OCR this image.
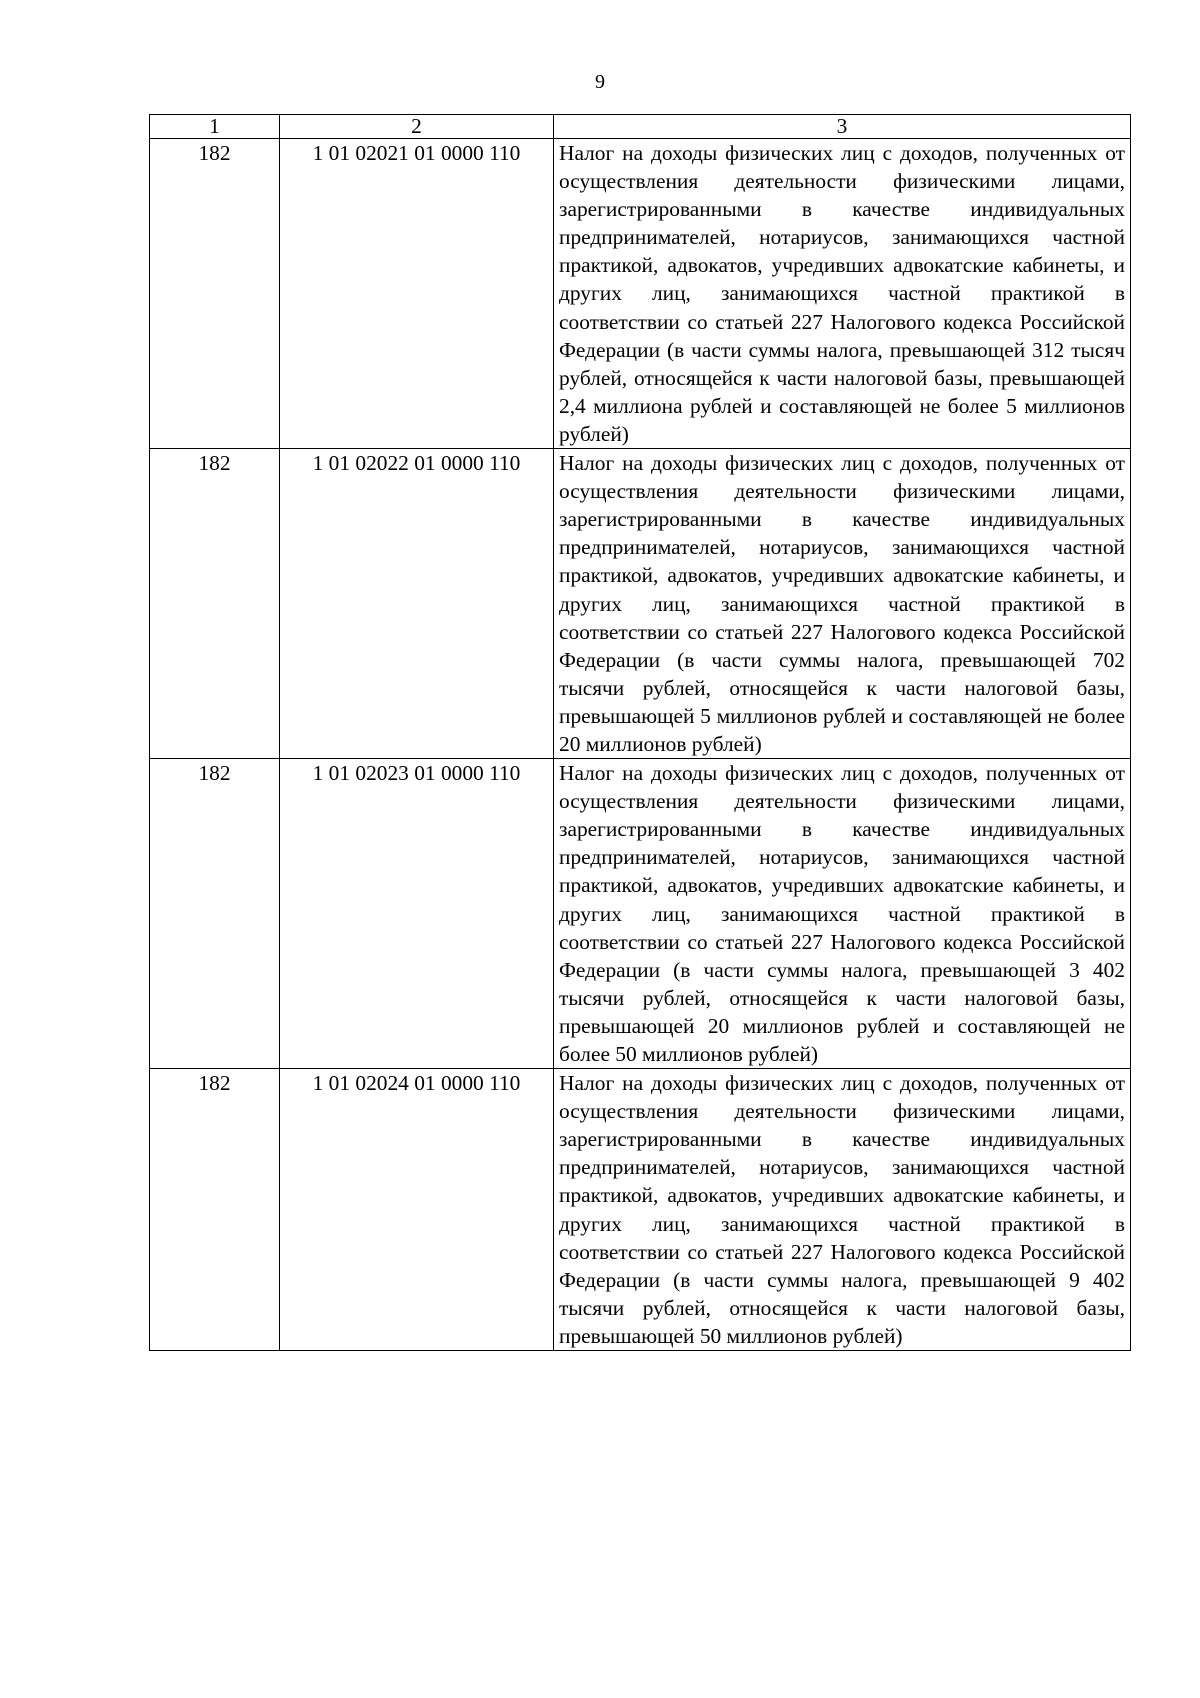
9
1	2	3
182	1 01 02021 01 0000 110	Налог на доходы физических лиц с доходов, полученных от осуществления деятельности физическими лицами, зарегистрированными в качестве индивидуальных предпринимателей, нотариусов, занимающихся частной практикой, адвокатов, учредивших адвокатские кабинеты, и других лиц, занимающихся частной практикой в соответствии со статьей 227 Налогового кодекса Российской Федерации (в части суммы налога, превышающей 312 тысяч рублей, относящейся к части налоговой базы, превышающей 2,4 миллиона рублей и составляющей не более 5 миллионов рублей)
182	1 01 02022 01 0000 110	Налог на доходы физических лиц с доходов, полученных от осуществления деятельности физическими лицами, зарегистрированными в качестве индивидуальных предпринимателей, нотариусов, занимающихся частной практикой, адвокатов, учредивших адвокатские кабинеты, и других лиц, занимающихся частной практикой в соответствии со статьей 227 Налогового кодекса Российской Федерации (в части суммы налога, превышающей 702 тысячи рублей, относящейся к части налоговой базы, превышающей 5 миллионов рублей и составляющей не более 20 миллионов рублей)
182	1 01 02023 01 0000 110	Налог на доходы физических лиц с доходов, полученных от осуществления деятельности физическими лицами, зарегистрированными в качестве индивидуальных предпринимателей, нотариусов, занимающихся частной практикой, адвокатов, учредивших адвокатские кабинеты, и других лиц, занимающихся частной практикой в соответствии со статьей 227 Налогового кодекса Российской Федерации (в части суммы налога, превышающей 3 402 тысячи рублей, относящейся к части налоговой базы, превышающей 20 миллионов рублей и составляющей не более 50 миллионов рублей)
182	1 01 02024 01 0000 110	Налог на доходы физических лиц с доходов, полученных от осуществления деятельности физическими лицами, зарегистрированными в качестве индивидуальных предпринимателей, нотариусов, занимающихся частной практикой, адвокатов, учредивших адвокатские кабинеты, и других лиц, занимающихся частной практикой в соответствии со статьей 227 Налогового кодекса Российской Федерации (в части суммы налога, превышающей 9 402 тысячи рублей, относящейся к части налоговой базы, превышающей 50 миллионов рублей)
